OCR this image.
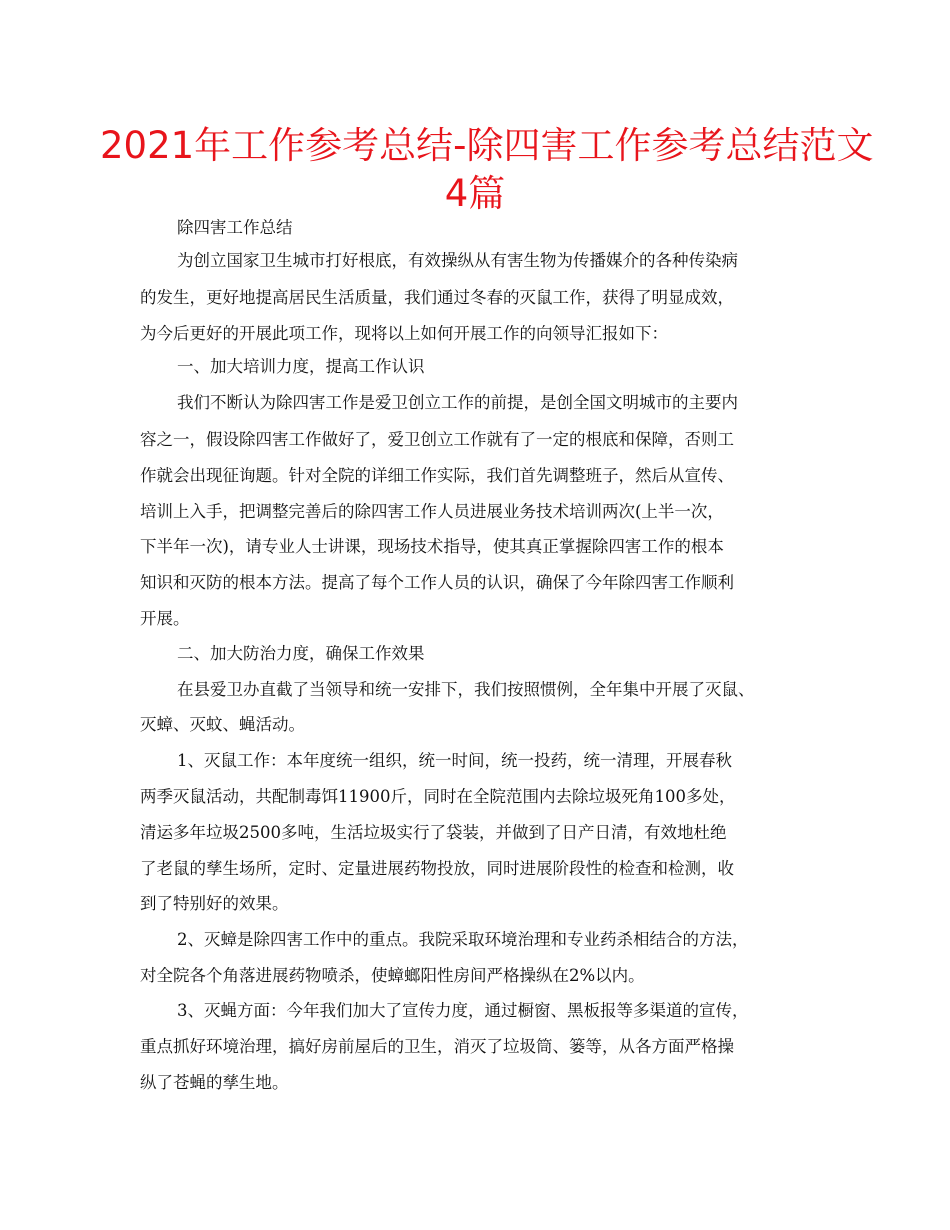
2021年工作参考总结-除四害工作参考总结范文
4篇
除四害工作总结
为创立国家卫生城市打好根底，有效操纵从有害生物为传播媒介的各种传染病
的发生，更好地提高居民生活质量，我们通过冬春的灭鼠工作，获得了明显成效，
为今后更好的开展此项工作，现将以上如何开展工作的向领导汇报如下：
一、加大培训力度，提高工作认识
我们不断认为除四害工作是爱卫创立工作的前提，是创全国文明城市的主要内
容之一，假设除四害工作做好了，爱卫创立工作就有了一定的根底和保障，否则工
作就会出现征询题。针对全院的详细工作实际，我们首先调整班子，然后从宣传、
培训上入手，把调整完善后的除四害工作人员进展业务技术培训两次(上半一次，
下半年一次)，请专业人士讲课，现场技术指导，使其真正掌握除四害工作的根本
知识和灭防的根本方法。提高了每个工作人员的认识，确保了今年除四害工作顺利
开展。
二、加大防治力度，确保工作效果
在县爱卫办直截了当领导和统一安排下，我们按照惯例，全年集中开展了灭鼠、
灭蟑、灭蚊、蝇活动。
1、灭鼠工作：本年度统一组织，统一时间，统一投药，统一清理，开展春秋
两季灭鼠活动，共配制毒饵11900斤，同时在全院范围内去除垃圾死角100多处，
清运多年垃圾2500多吨，生活垃圾实行了袋装，并做到了日产日清，有效地杜绝
了老鼠的孳生场所，定时、定量进展药物投放，同时进展阶段性的检查和检测，收
到了特别好的效果。
2、灭蟑是除四害工作中的重点。我院采取环境治理和专业药杀相结合的方法，
对全院各个角落进展药物喷杀，使蟑螂阳性房间严格操纵在2%以内。
3、灭蝇方面：今年我们加大了宣传力度，通过橱窗、黑板报等多渠道的宣传，
重点抓好环境治理，搞好房前屋后的卫生，消灭了垃圾筒、篓等，从各方面严格操
纵了苍蝇的孳生地。
